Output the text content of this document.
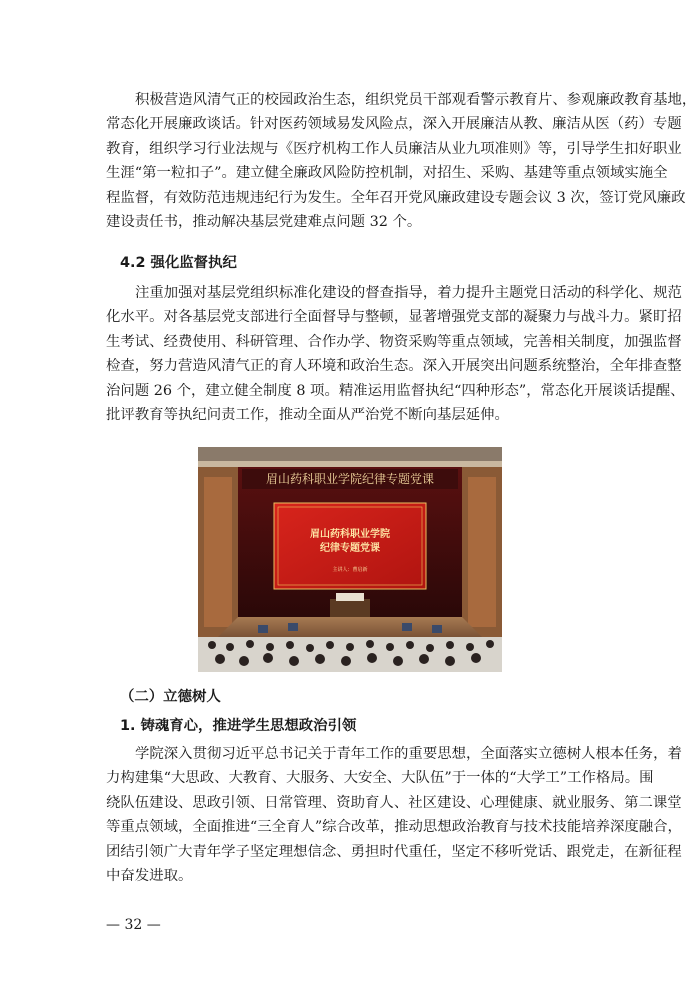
积极营造风清气正的校园政治生态，组织党员干部观看警示教育片、参观廉政教育基地，
常态化开展廉政谈话。针对医药领域易发风险点，深入开展廉洁从教、廉洁从医（药）专题
教育，组织学习行业法规与《医疗机构工作人员廉洁从业九项准则》等，引导学生扣好职业
生涯“第一粒扣子”。建立健全廉政风险防控机制，对招生、采购、基建等重点领域实施全
程监督，有效防范违规违纪行为发生。全年召开党风廉政建设专题会议 3 次，签订党风廉政
建设责任书，推动解决基层党建难点问题 32 个。
4.2 强化监督执纪
注重加强对基层党组织标准化建设的督查指导，着力提升主题党日活动的科学化、规范
化水平。对各基层党支部进行全面督导与整顿，显著增强党支部的凝聚力与战斗力。紧盯招
生考试、经费使用、科研管理、合作办学、物资采购等重点领域，完善相关制度，加强监督
检查，努力营造风清气正的育人环境和政治生态。深入开展突出问题系统整治，全年排查整
治问题 26 个，建立健全制度 8 项。精准运用监督执纪“四种形态”，常态化开展谈话提醒、
批评教育等执纪问责工作，推动全面从严治党不断向基层延伸。
眉山药科职业学院纪律专题党课
眉山药科职业学院
纪律专题党课
主讲人：曹启新
（二）立德树人
1. 铸魂育心，推进学生思想政治引领
学院深入贯彻习近平总书记关于青年工作的重要思想，全面落实立德树人根本任务，着
力构建集“大思政、大教育、大服务、大安全、大队伍”于一体的“大学工”工作格局。围
绕队伍建设、思政引领、日常管理、资助育人、社区建设、心理健康、就业服务、第二课堂
等重点领域，全面推进“三全育人”综合改革，推动思想政治教育与技术技能培养深度融合，
团结引领广大青年学子坚定理想信念、勇担时代重任，坚定不移听党话、跟党走，在新征程
中奋发进取。
— 32 —
